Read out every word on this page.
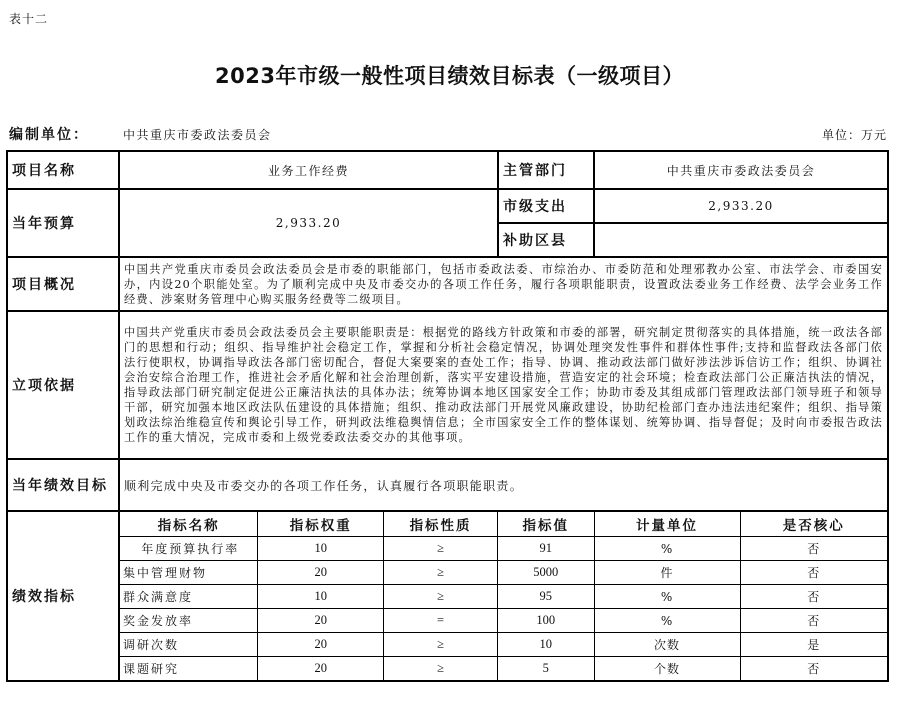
表十二
2023年市级一般性项目绩效目标表（一级项目）
编制单位：	中共重庆市委政法委员会	单位：万元
项目名称	业务工作经费	主管部门	中共重庆市委政法委员会
当年预算	2,933.20	市级支出	2,933.20
补助区县	
项目概况	中国共产党重庆市委员会政法委员会是市委的职能部门，包括市委政法委、市综治办、市委防范和处理邪教办公室、市法学会、市委国安办，内设20个职能处室。为了顺利完成中央及市委交办的各项工作任务，履行各项职能职责，设置政法委业务工作经费、法学会业务工作经费、涉案财务管理中心购买服务经费等二级项目。
立项依据	中国共产党重庆市委员会政法委员会主要职能职责是：根据党的路线方针政策和市委的部署，研究制定贯彻落实的具体措施，统一政法各部门的思想和行动；组织、指导维护社会稳定工作，掌握和分析社会稳定情况，协调处理突发性事件和群体性事件;支持和监督政法各部门依法行使职权，协调指导政法各部门密切配合，督促大案要案的查处工作；指导、协调、推动政法部门做好涉法涉诉信访工作；组织、协调社会治安综合治理工作，推进社会矛盾化解和社会治理创新，落实平安建设措施，营造安定的社会环境；检查政法部门公正廉洁执法的情况，指导政法部门研究制定促进公正廉洁执法的具体办法；统筹协调本地区国家安全工作；协助市委及其组成部门管理政法部门领导班子和领导干部，研究加强本地区政法队伍建设的具体措施；组织、推动政法部门开展党风廉政建设，协助纪检部门查办违法违纪案件；组织、指导策划政法综治维稳宣传和舆论引导工作，研判政法维稳舆情信息；全市国家安全工作的整体谋划、统筹协调、指导督促；及时向市委报告政法工作的重大情况，完成市委和上级党委政法委交办的其他事项。
当年绩效目标	顺利完成中央及市委交办的各项工作任务，认真履行各项职能职责。
绩效指标	
指标名称	指标权重	指标性质	指标值	计量单位	是否核心
年度预算执行率	10	≥	91	%	否
集中管理财物	20	≥	5000	件	否
群众满意度	10	≥	95	%	否
奖金发放率	20	=	100	%	否
调研次数	20	≥	10	次数	是
课题研究	20	≥	5	个数	否
